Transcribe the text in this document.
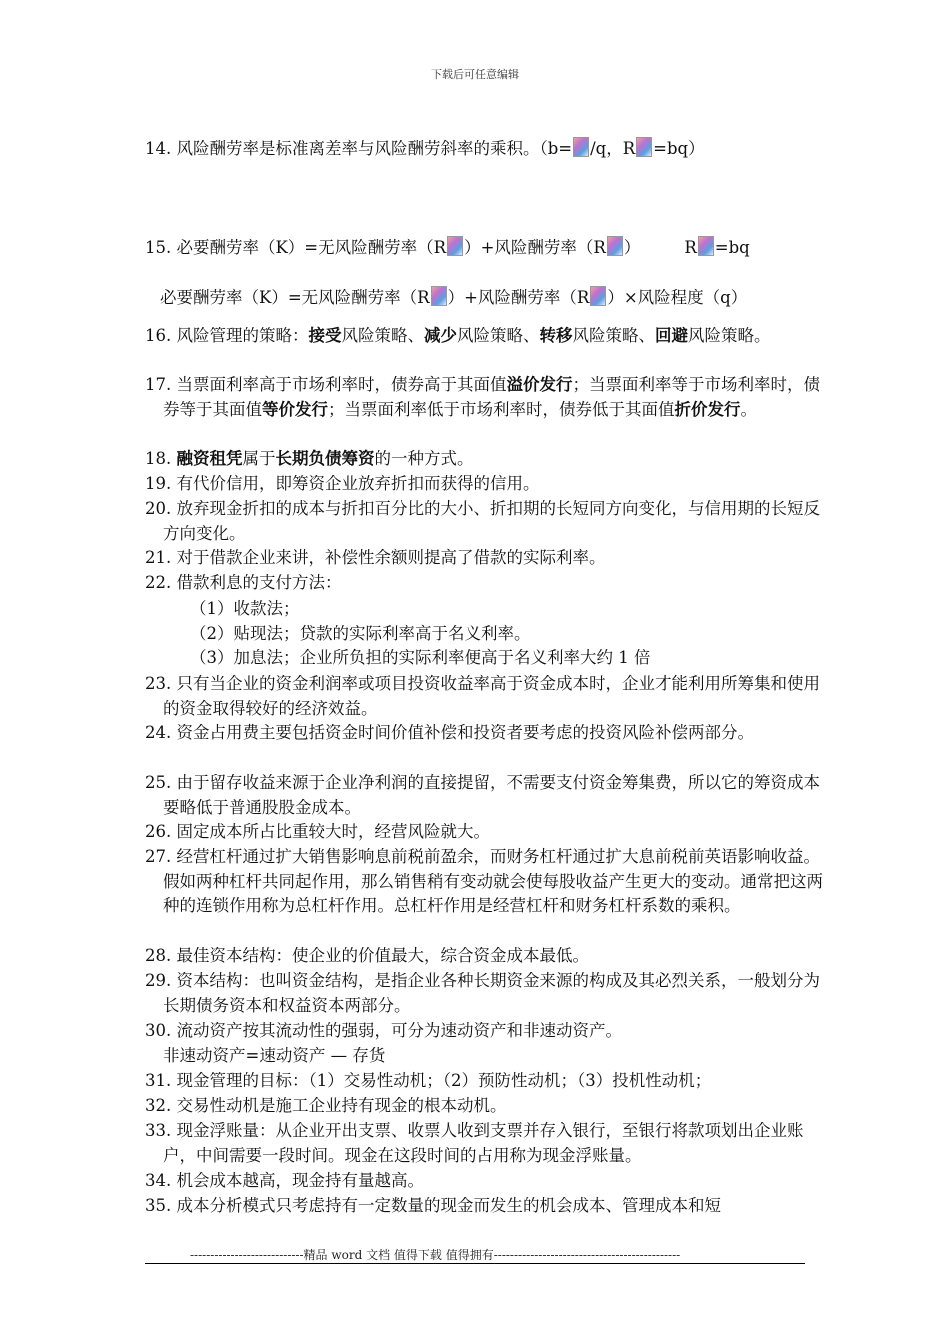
下载后可任意编辑
14. 风险酬劳率是标准离差率与风险酬劳斜率的乘积。（b= /q，R =bq）
15. 必要酬劳率（K）=无风险酬劳率（R ）+风险酬劳率（R ）	R =bq
必要酬劳率（K）=无风险酬劳率（R ）+风险酬劳率（R ）×风险程度（q）
16. 风险管理的策略：接受风险策略、减少风险策略、转移风险策略、回避风险策略。
17. 当票面利率高于市场利率时，债券高于其面值溢价发行；当票面利率等于市场利率时，债券等于其面值等价发行；当票面利率低于市场利率时，债券低于其面值折价发行。
18. 融资租凭属于长期负债筹资的一种方式。
19. 有代价信用，即筹资企业放弃折扣而获得的信用。
20. 放弃现金折扣的成本与折扣百分比的大小、折扣期的长短同方向变化，与信用期的长短反方向变化。
21. 对于借款企业来讲，补偿性余额则提高了借款的实际利率。
22. 借款利息的支付方法：
（1）收款法；
（2）贴现法；贷款的实际利率高于名义利率。
（3）加息法；企业所负担的实际利率便高于名义利率大约 1 倍
23. 只有当企业的资金利润率或项目投资收益率高于资金成本时，企业才能利用所筹集和使用的资金取得较好的经济效益。
24. 资金占用费主要包括资金时间价值补偿和投资者要考虑的投资风险补偿两部分。
25. 由于留存收益来源于企业净利润的直接提留，不需要支付资金筹集费，所以它的筹资成本要略低于普通股股金成本。
26. 固定成本所占比重较大时，经营风险就大。
27. 经营杠杆通过扩大销售影响息前税前盈余，而财务杠杆通过扩大息前税前英语影响收益。假如两种杠杆共同起作用，那么销售稍有变动就会使每股收益产生更大的变动。通常把这两种的连锁作用称为总杠杆作用。总杠杆作用是经营杠杆和财务杠杆系数的乘积。
28. 最佳资本结构：使企业的价值最大，综合资金成本最低。
29. 资本结构：也叫资金结构，是指企业各种长期资金来源的构成及其必烈关系，一般划分为长期债务资本和权益资本两部分。
30. 流动资产按其流动性的强弱，可分为速动资产和非速动资产。
非速动资产=速动资产 — 存货
31. 现金管理的目标：（1）交易性动机；（2）预防性动机；（3）投机性动机；
32. 交易性动机是施工企业持有现金的根本动机。
33. 现金浮账量：从企业开出支票、收票人收到支票并存入银行，至银行将款项划出企业账户，中间需要一段时间。现金在这段时间的占用称为现金浮账量。
34. 机会成本越高，现金持有量越高。
35. 成本分析模式只考虑持有一定数量的现金而发生的机会成本、管理成本和短
----------------------------精品 word 文档 值得下载 值得拥有----------------------------------------------
